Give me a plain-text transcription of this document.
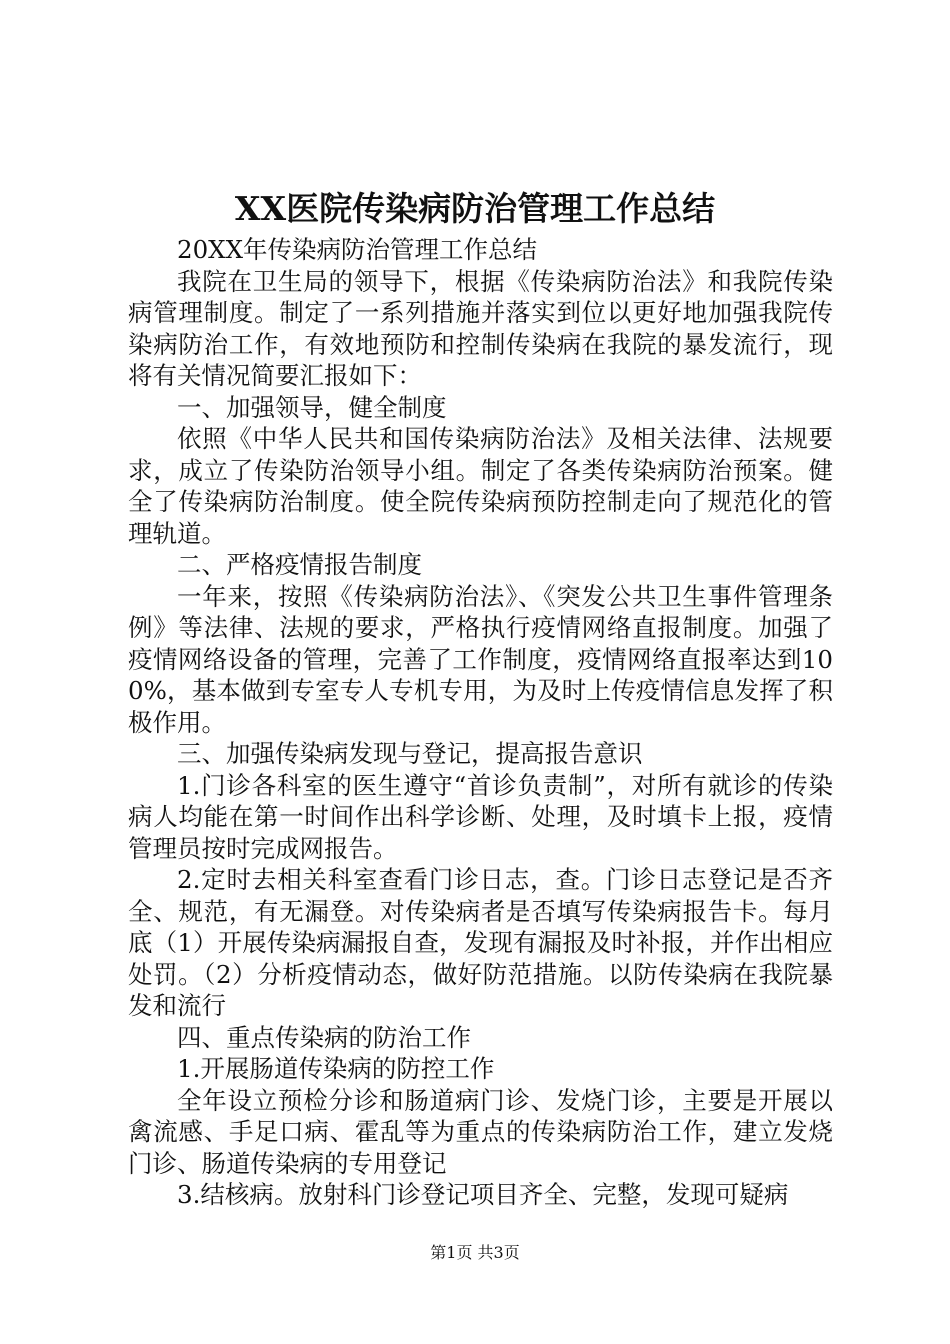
XX医院传染病防治管理工作总结

20XX年传染病防治管理工作总结

我院在卫生局的领导下，根据《传染病防治法》和我院传染病管理制度。制定了一系列措施并落实到位以更好地加强我院传染病防治工作，有效地预防和控制传染病在我院的暴发流行，现将有关情况简要汇报如下：

一、加强领导，健全制度

依照《中华人民共和国传染病防治法》及相关法律、法规要求，成立了传染防治领导小组。制定了各类传染病防治预案。健全了传染病防治制度。使全院传染病预防控制走向了规范化的管理轨道。

二、严格疫情报告制度

一年来，按照《传染病防治法》、《突发公共卫生事件管理条例》等法律、法规的要求，严格执行疫情网络直报制度。加强了疫情网络设备的管理，完善了工作制度，疫情网络直报率达到100%，基本做到专室专人专机专用，为及时上传疫情信息发挥了积极作用。

三、加强传染病发现与登记，提高报告意识

1.门诊各科室的医生遵守“首诊负责制”，对所有就诊的传染病人均能在第一时间作出科学诊断、处理，及时填卡上报，疫情管理员按时完成网报告。

2.定时去相关科室查看门诊日志，查。门诊日志登记是否齐全、规范，有无漏登。对传染病者是否填写传染病报告卡。每月底（1）开展传染病漏报自查，发现有漏报及时补报，并作出相应处罚。（2）分析疫情动态，做好防范措施。以防传染病在我院暴发和流行

四、重点传染病的防治工作

1.开展肠道传染病的防控工作

全年设立预检分诊和肠道病门诊、发烧门诊，主要是开展以禽流感、手足口病、霍乱等为重点的传染病防治工作，建立发烧门诊、肠道传染病的专用登记

3.结核病。放射科门诊登记项目齐全、完整，发现可疑病

第1页 共3页
